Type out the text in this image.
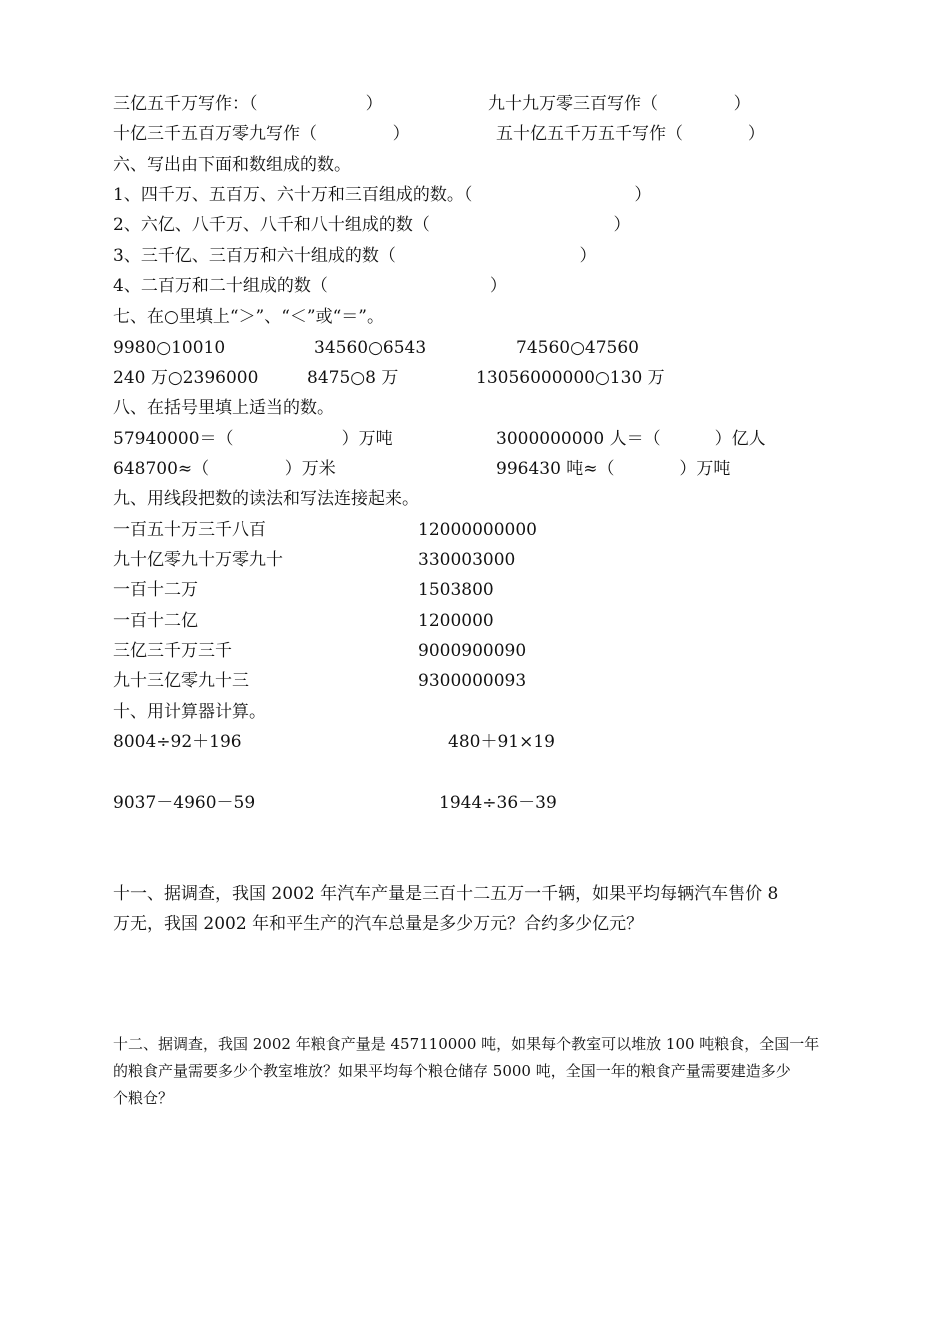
三亿五千万写作：（                    ）	九十九万零三百写作（              ）
十亿三千五百万零九写作（              ）	五十亿五千万五千写作（            ）
六、写出由下面和数组成的数。
1、四千万、五百万、六十万和三百组成的数。（                              ）
2、六亿、八千万、八千和八十组成的数（                                  ）
3、三千亿、三百万和六十组成的数（                                  ）
4、二百万和二十组成的数（                              ）
七、在○里填上“＞”、“＜”或“＝”。
9980○10010	34560○6543	74560○47560
240 万○2396000	8475○8 万	13056000000○130 万
八、在括号里填上适当的数。
57940000＝（                    ）万吨	3000000000 人＝（          ）亿人
648700≈（              ）万米	996430 吨≈（            ）万吨
九、用线段把数的读法和写法连接起来。
一百五十万三千八百	12000000000
九十亿零九十万零九十	330003000
一百十二万	1503800
一百十二亿	1200000
三亿三千万三千	9000900090
九十三亿零九十三	9300000093
十、用计算器计算。
8004÷92＋196	480＋91×19
9037－4960－59	1944÷36－39
十一、据调查，我国 2002 年汽车产量是三百十二五万一千辆，如果平均每辆汽车售价 8
万无，我国 2002 年和平生产的汽车总量是多少万元？合约多少亿元？
十二、据调查，我国 2002 年粮食产量是 457110000 吨，如果每个教室可以堆放 100 吨粮食，全国一年
的粮食产量需要多少个教室堆放？如果平均每个粮仓储存 5000 吨，全国一年的粮食产量需要建造多少
个粮仓？
